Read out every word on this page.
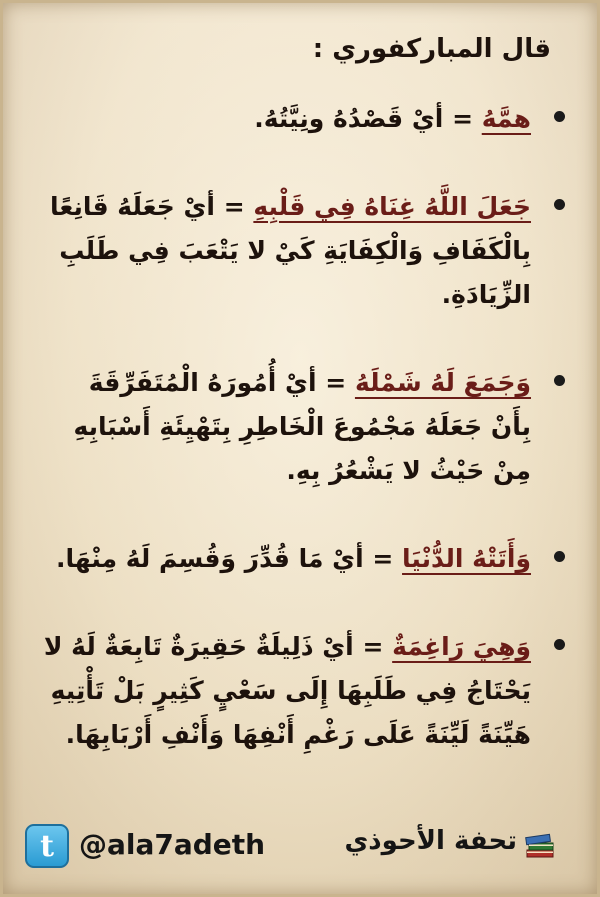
قال المباركفوري :
همَّهُ = أيْ قَصْدُهُ ونِيَّتُهُ.
جَعَلَ اللَّهُ غِنَاهُ فِي قَلْبِهِ = أيْ جَعَلَهُ قَانِعًا بِالْكَفَافِ وَالْكِفَايَةِ كَيْ لا يَتْعَبَ فِي طَلَبِ الزِّيَادَةِ.
وَجَمَعَ لَهُ شَمْلَهُ = أيْ أُمُورَهُ الْمُتَفَرِّقَةَ بِأَنْ جَعَلَهُ مَجْمُوعَ الْخَاطِرِ بِتَهْيِئَةِ أَسْبَابِهِ مِنْ حَيْثُ لا يَشْعُرُ بِهِ.
وَأَتَتْهُ الدُّنْيَا = أيْ مَا قُدِّرَ وَقُسِمَ لَهُ مِنْهَا.
وَهِيَ رَاغِمَةٌ = أيْ ذَلِيلَةٌ حَقِيرَةٌ تَابِعَةٌ لَهُ لا يَحْتَاجُ فِي طَلَبِهَا إِلَى سَعْيٍ كَثِيرٍ بَلْ تَأْتِيهِ هَيِّنَةً لَيِّنَةً عَلَى رَغْمِ أَنْفِهَا وَأَنْفِ أَرْبَابِهَا.
t @ala7adeth	تحفة الأحوذي
